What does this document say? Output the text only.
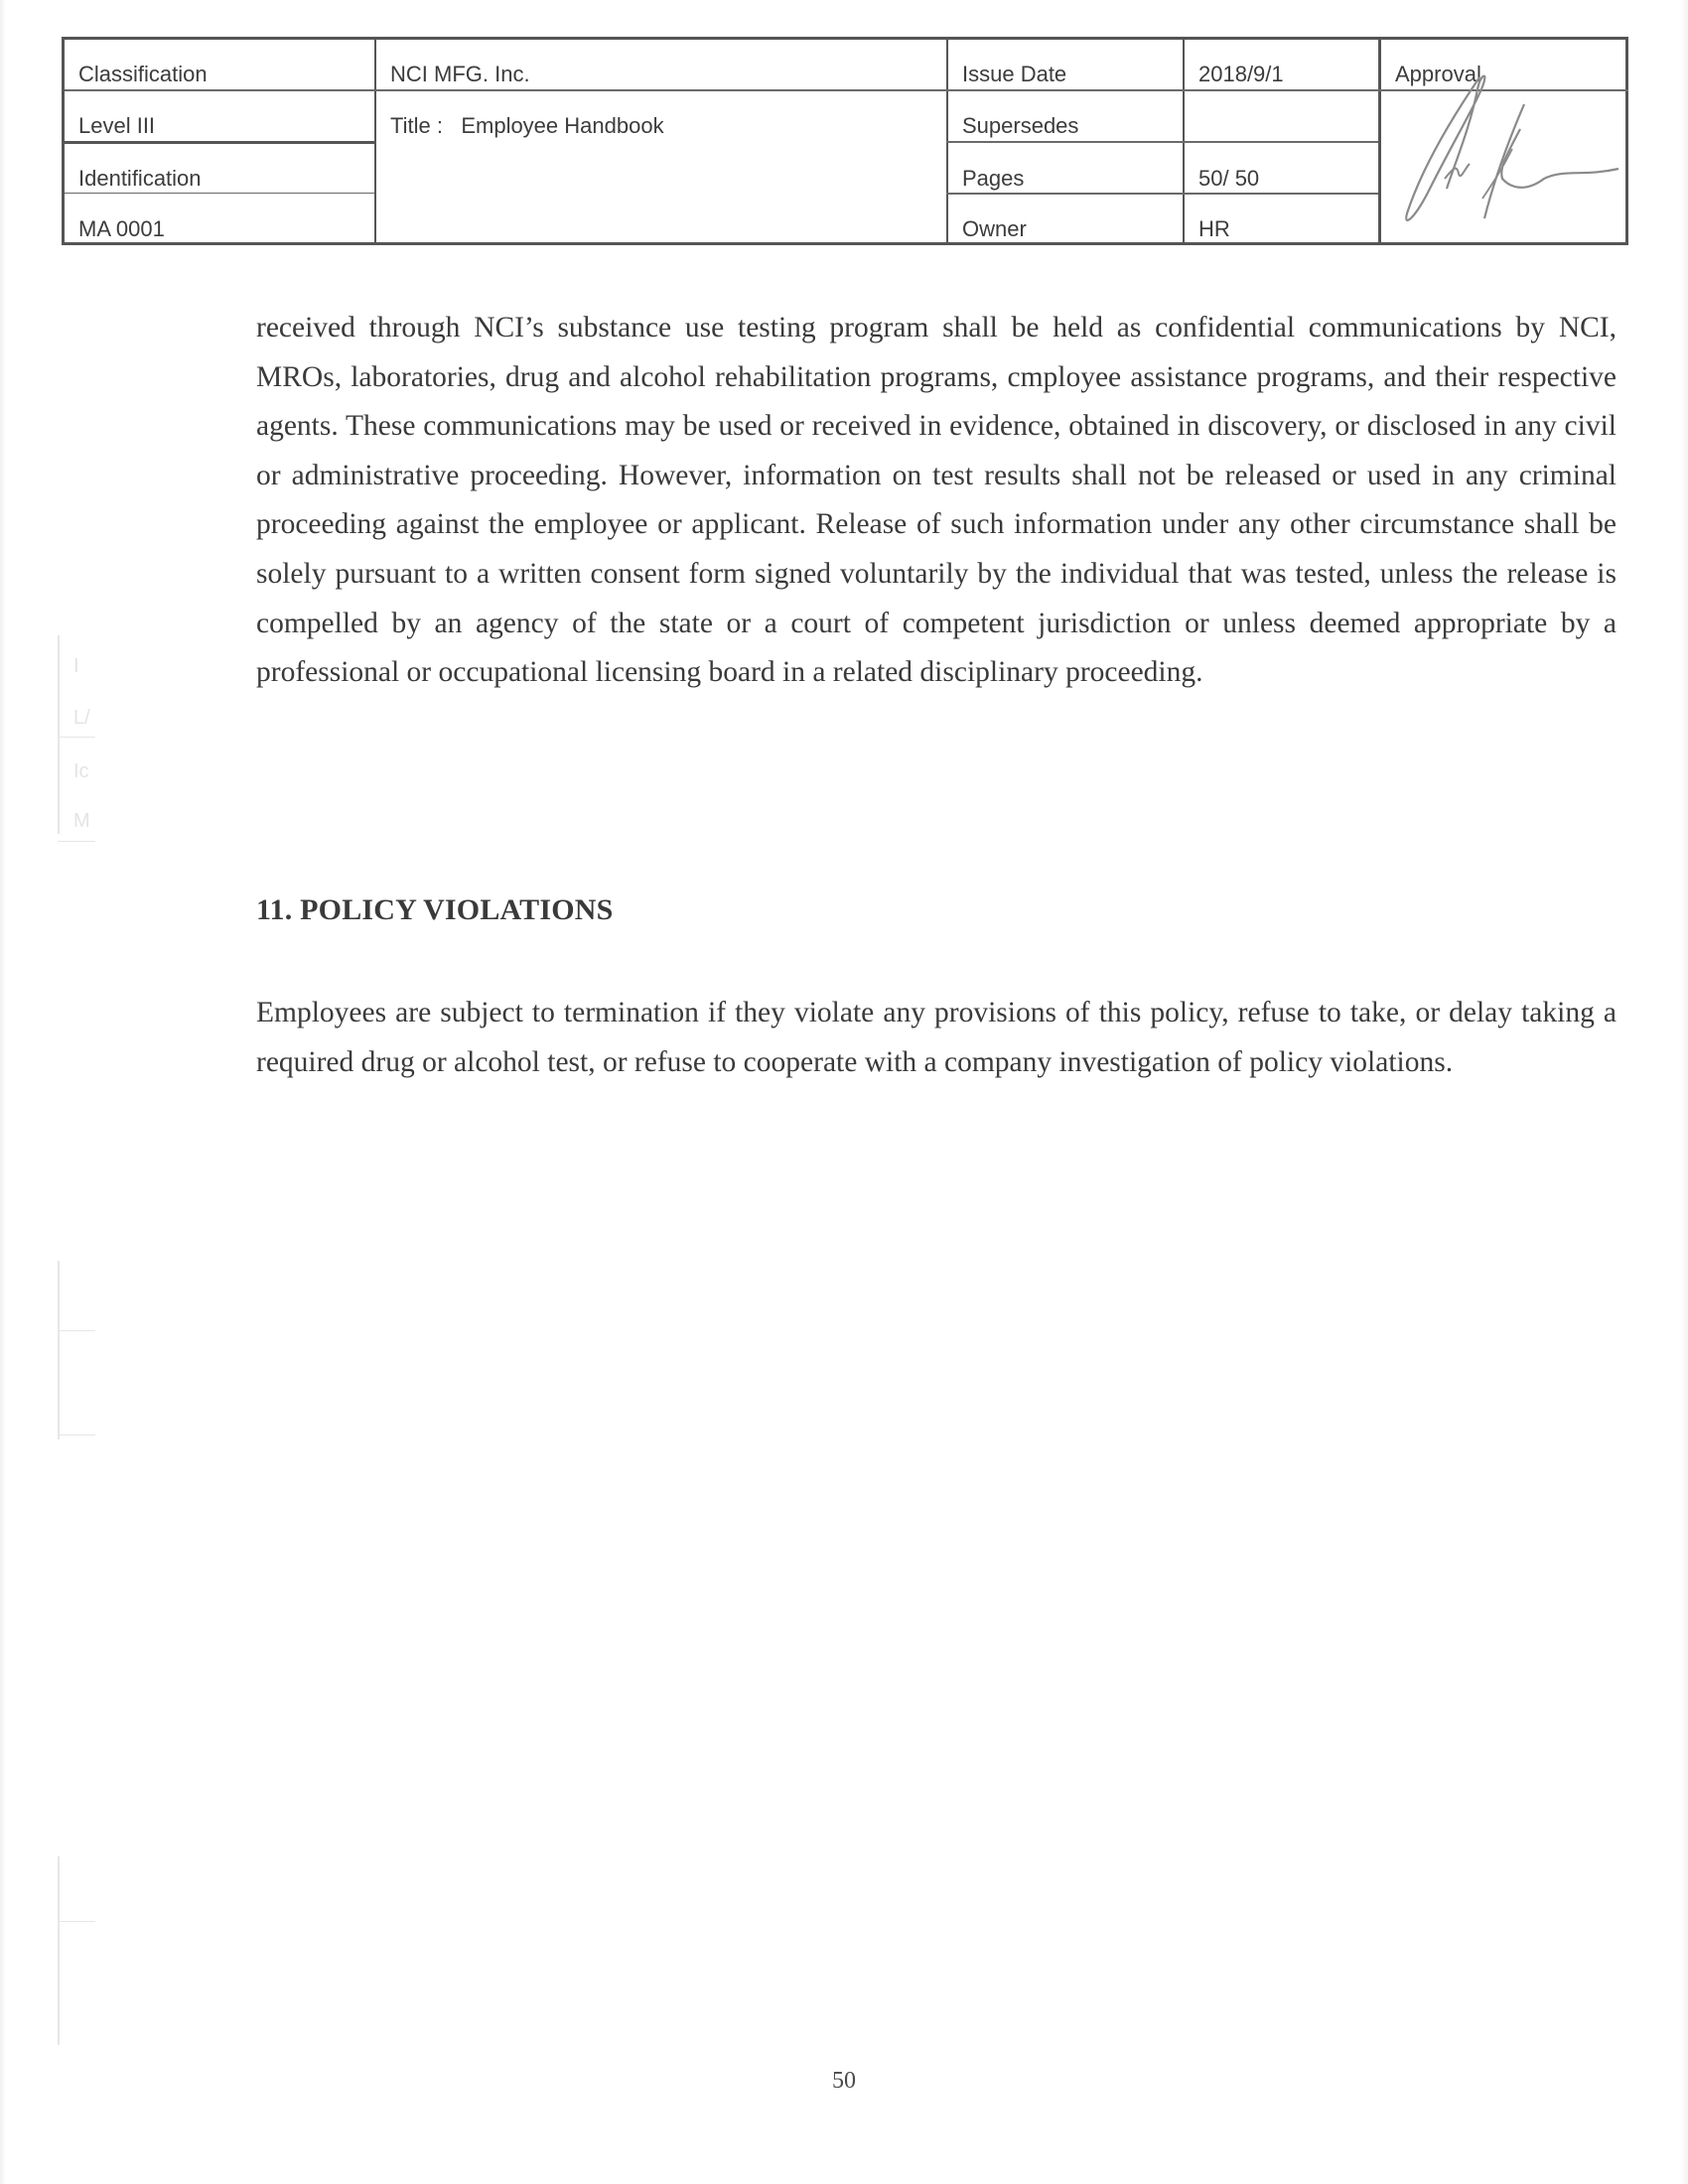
I
L/
Ic
M
Classification
Level III
Identification
MA 0001
NCI MFG. Inc.
Title : Employee Handbook
Issue Date
Supersedes
Pages
Owner
2018/9/1
50/ 50
HR
Approval

received through NCI’s substance use testing program shall be held as confidential communications by NCI, MROs, laboratories, drug and alcohol rehabilitation programs, cmployee assistance programs, and their respective agents. These communications may be used or received in evidence, obtained in discovery, or disclosed in any civil or administrative proceeding. However, information on test results shall not be released or used in any criminal proceeding against the employee or applicant. Release of such information under any other circumstance shall be solely pursuant to a written consent form signed voluntarily by the individual that was tested, unless the release is compelled by an agency of the state or a court of competent jurisdiction or unless deemed appropriate by a professional or occupational licensing board in a related disciplinary proceeding.

11. POLICY VIOLATIONS

Employees are subject to termination if they violate any provisions of this policy, refuse to take, or delay taking a required drug or alcohol test, or refuse to cooperate with a company investigation of policy violations.

50
